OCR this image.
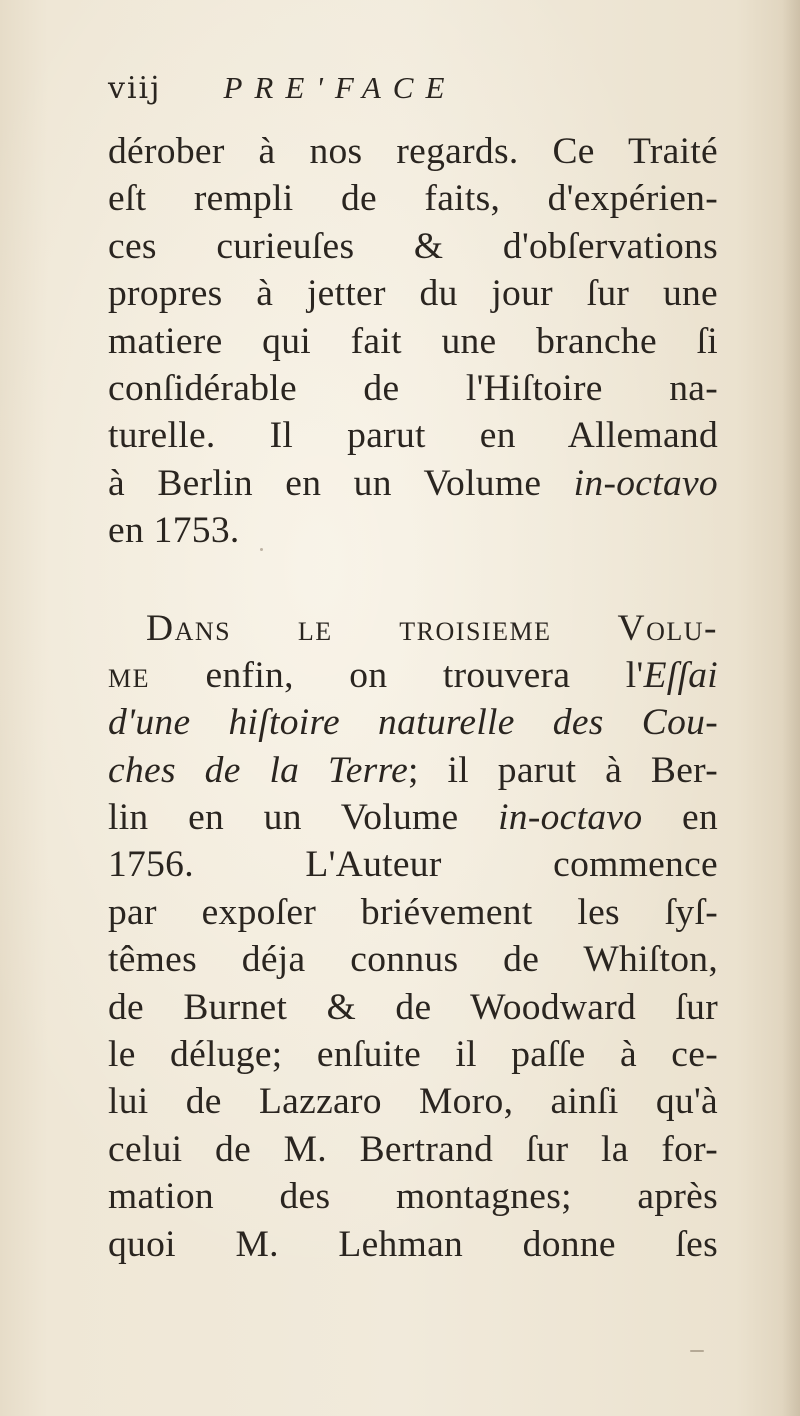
viij PRE'FACE
dérober à nos regards. Ce Traité
eſt rempli de faits, d'expérien-
ces curieuſes & d'obſervations
propres à jetter du jour ſur une
matiere qui fait une branche ſi
conſidérable de l'Hiſtoire na-
turelle. Il parut en Allemand
à Berlin en un Volume in-octavo
en 1753.
Dans le troisieme Volu-
me enfin, on trouvera l'Eſſai
d'une hiſtoire naturelle des Cou-
ches de la Terre; il parut à Ber-
lin en un Volume in-octavo en
1756. L'Auteur commence
par expoſer briévement les ſyſ-
têmes déja connus de Whiſton,
de Burnet & de Woodward ſur
le déluge; enſuite il paſſe à ce-
lui de Lazzaro Moro, ainſi qu'à
celui de M. Bertrand ſur la for-
mation des montagnes; après
quoi M. Lehman donne ſes
